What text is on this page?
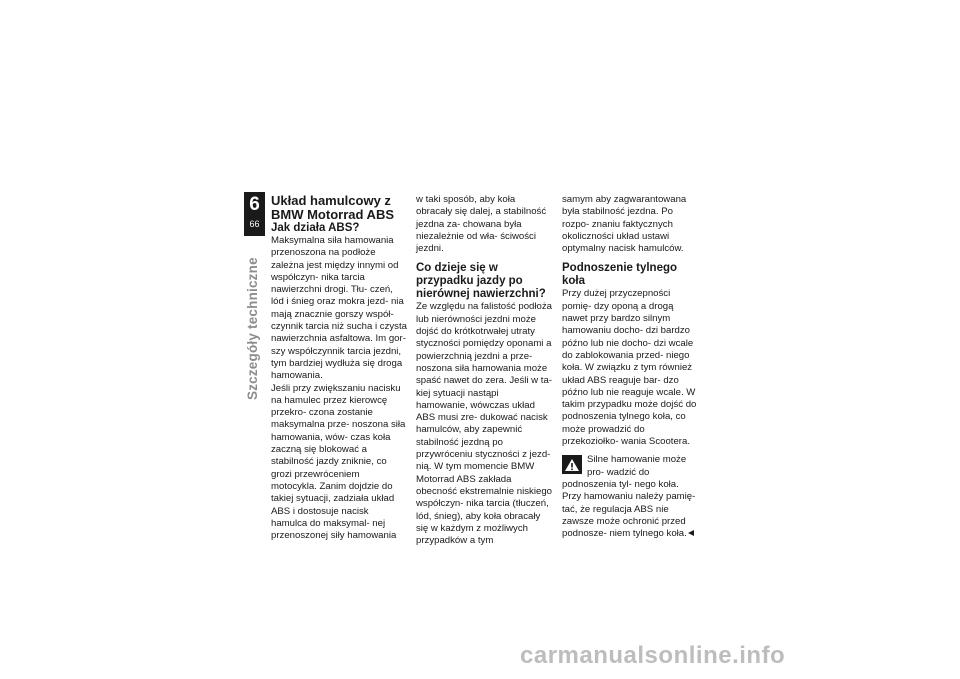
6
66
Szczegóły techniczne

Układ hamulcowy z BMW Motorrad ABS

Jak działa ABS?

Maksymalna siła hamowania przenoszona na podłoże zależna jest między innymi od współczyn- nika tarcia nawierzchni drogi. Tłu- czeń, lód i śnieg oraz mokra jezd- nia mają znacznie gorszy współ- czynnik tarcia niż sucha i czysta nawierzchnia asfaltowa. Im gor- szy współczynnik tarcia jezdni, tym bardziej wydłuża się droga hamowania.

Jeśli przy zwiększaniu nacisku na hamulec przez kierowcę przekro- czona zostanie maksymalna prze- noszona siła hamowania, wów- czas koła zaczną się blokować a stabilność jazdy zniknie, co grozi przewróceniem motocykla. Zanim dojdzie do takiej sytuacji, zadziała układ ABS i dostosuje nacisk hamulca do maksymal- nej przenoszonej siły hamowania

w taki sposób, aby koła obracały się dalej, a stabilność jezdna za- chowana była niezależnie od wła- ściwości jezdni.

Co dzieje się w przypadku jazdy po nierównej nawierzchni?

Ze względu na falistość podłoża lub nierówności jezdni może dojść do krótkotrwałej utraty styczności pomiędzy oponami a powierzchnią jezdni a prze- noszona siła hamowania może spaść nawet do zera. Jeśli w ta- kiej sytuacji nastąpi hamowanie, wówczas układ ABS musi zre- dukować nacisk hamulców, aby zapewnić stabilność jezdną po przywróceniu styczności z jezd- nią. W tym momencie BMW Motorrad ABS zakłada obecność ekstremalnie niskiego współczyn- nika tarcia (tłuczeń, lód, śnieg), aby koła obracały się w każdym z możliwych przypadków a tym

samym aby zagwarantowana była stabilność jezdna. Po rozpo- znaniu faktycznych okoliczności układ ustawi optymalny nacisk hamulców.

Podnoszenie tylnego koła

Przy dużej przyczepności pomię- dzy oponą a drogą nawet przy bardzo silnym hamowaniu docho- dzi bardzo późno lub nie docho- dzi wcale do zablokowania przed- niego koła. W związku z tym również układ ABS reaguje bar- dzo późno lub nie reaguje wcale. W takim przypadku może dojść do podnoszenia tylnego koła, co może prowadzić do przekoziołko- wania Scootera.

Silne hamowanie może pro- wadzić do podnoszenia tyl- nego koła.

Przy hamowaniu należy pamię- tać, że regulacja ABS nie zawsze może ochronić przed podnosze- niem tylnego koła.

carmanualsonline.info
